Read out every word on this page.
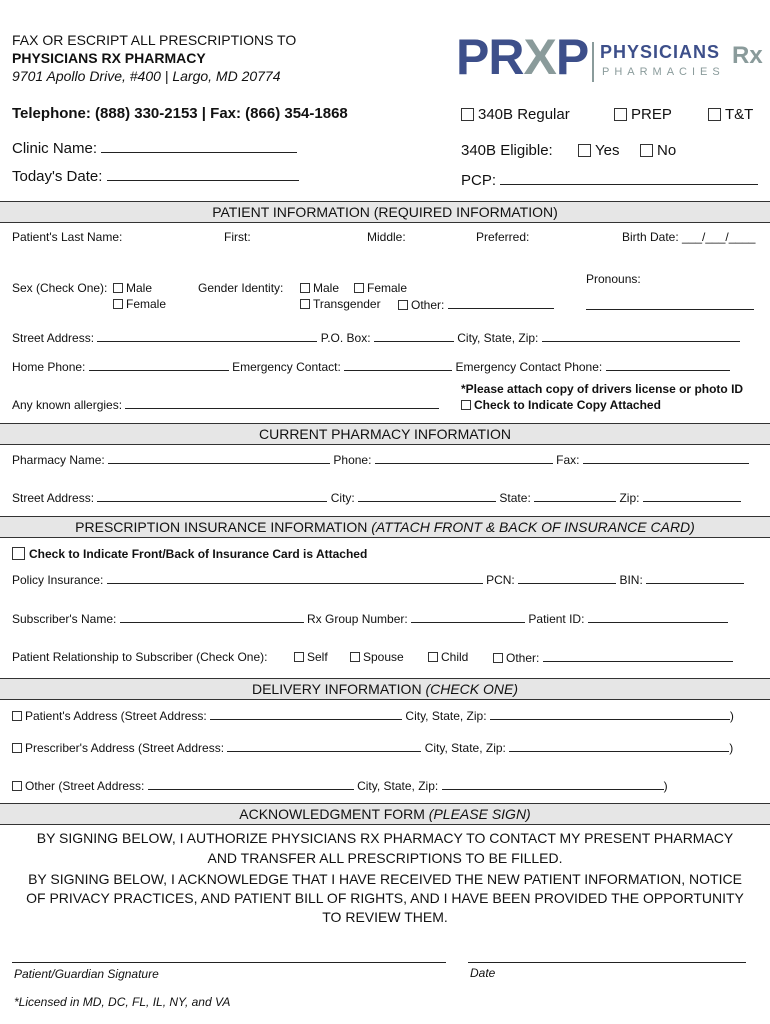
FAX OR ESCRIPT ALL PRESCRIPTIONS TO
PHYSICIANS RX PHARMACY
9701 Apollo Drive, #400 | Largo, MD 20774	PRXP PHYSICIANS Rx
PHARMACIES
Telephone: (888) 330-2153 | Fax: (866) 354-1868	340B Regular	PREP	T&T
Clinic Name:	340B Eligible:	Yes	No
Today's Date:	PCP:
PATIENT INFORMATION (REQUIRED INFORMATION)
Patient's Last Name:	First:	Middle:	Preferred:	Birth Date: ___/___/____
Sex (Check One):	Male
Female
Gender Identity:	Male	Female
Transgender	Other:
Pronouns:
Street Address:	P.O. Box:	City, State, Zip:
Home Phone:	Emergency Contact:	Emergency Contact Phone:
*Please attach copy of drivers license or photo ID
Any known allergies:	Check to Indicate Copy Attached
CURRENT PHARMACY INFORMATION
Pharmacy Name:	Phone:	Fax:
Street Address:	City:	State:	Zip:
PRESCRIPTION INSURANCE INFORMATION (ATTACH FRONT & BACK OF INSURANCE CARD)
Check to Indicate Front/Back of Insurance Card is Attached
Policy Insurance:	PCN:	BIN:
Subscriber's Name:	Rx Group Number:	Patient ID:
Patient Relationship to Subscriber (Check One):	Self	Spouse	Child	Other:
DELIVERY INFORMATION (CHECK ONE)
Patient's Address (Street Address:	City, State, Zip:	)
Prescriber's Address (Street Address:	City, State, Zip:	)
Other (Street Address:	City, State, Zip:	)
ACKNOWLEDGMENT FORM (PLEASE SIGN)
BY SIGNING BELOW, I AUTHORIZE PHYSICIANS RX PHARMACY TO CONTACT MY PRESENT PHARMACY
AND TRANSFER ALL PRESCRIPTIONS TO BE FILLED.
BY SIGNING BELOW, I ACKNOWLEDGE THAT I HAVE RECEIVED THE NEW PATIENT INFORMATION, NOTICE
OF PRIVACY PRACTICES, AND PATIENT BILL OF RIGHTS, AND I HAVE BEEN PROVIDED THE OPPORTUNITY
TO REVIEW THEM.
Patient/Guardian Signature	Date
*Licensed in MD, DC, FL, IL, NY, and VA
